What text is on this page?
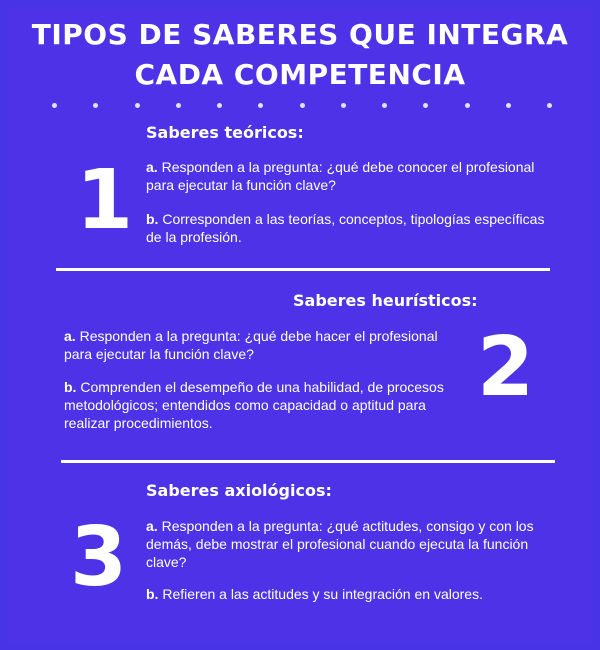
TIPOS DE SABERES QUE INTEGRA
CADA COMPETENCIA
1
Saberes teóricos:
a. Responden a la pregunta: ¿qué debe conocer el profesional
para ejecutar la función clave?
b. Corresponden a las teorías, conceptos, tipologías específicas
de la profesión.
Saberes heurísticos:
a. Responden a la pregunta: ¿qué debe hacer el profesional
para ejecutar la función clave?
b. Comprenden el desempeño de una habilidad, de procesos
metodológicos; entendidos como capacidad o aptitud para
realizar procedimientos.
2
Saberes axiológicos:
3 a. Responden a la pregunta: ¿qué actitudes, consigo y con los
demás, debe mostrar el profesional cuando ejecuta la función
clave?
b. Refieren a las actitudes y su integración en valores.
